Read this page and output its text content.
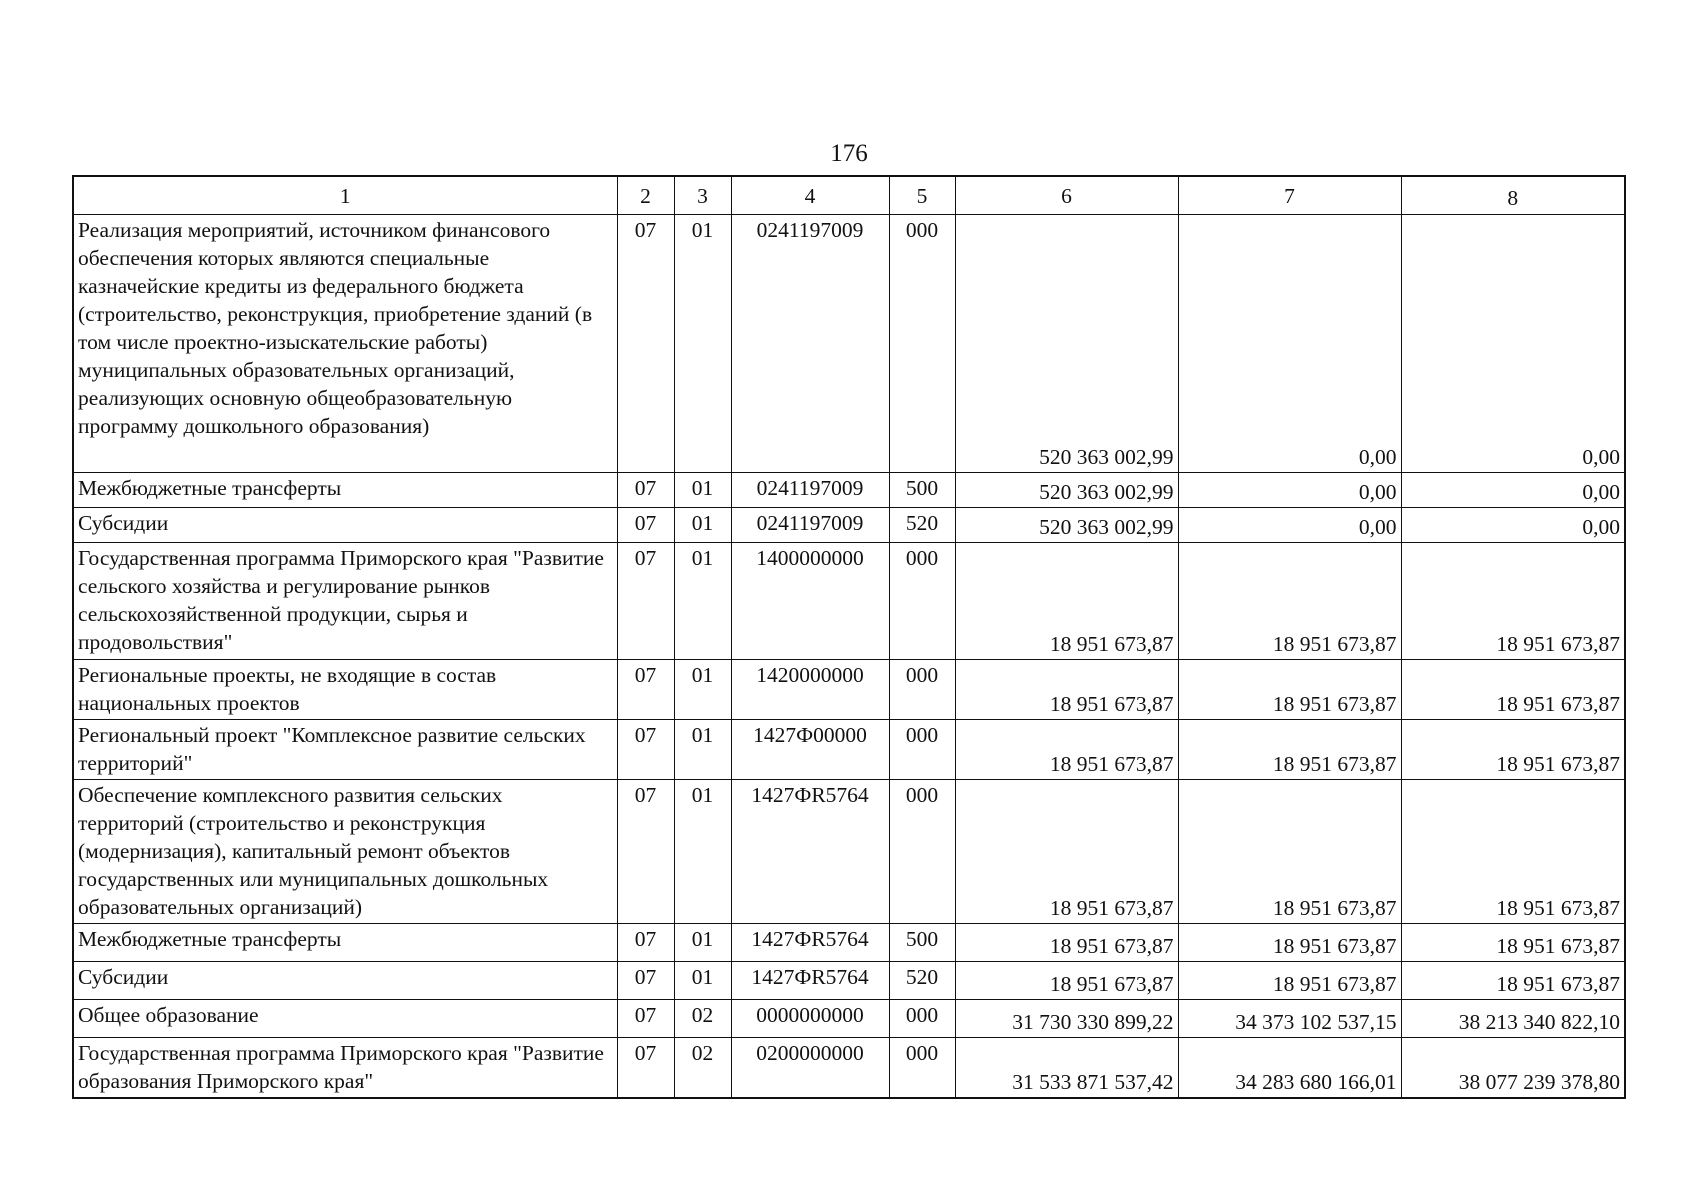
176
1	2	3	4	5	6	7	8
Реализация мероприятий, источником финансового обеспечения которых являются специальные казначейские кредиты из федерального бюджета (строительство, реконструкция, приобретение зданий (в том числе проектно-изыскательские работы) муниципальных образовательных организаций, реализующих основную общеобразовательную программу дошкольного образования)	07	01	0241197009	000	520 363 002,99	0,00	0,00
Межбюджетные трансферты	07	01	0241197009	500	520 363 002,99	0,00	0,00
Субсидии	07	01	0241197009	520	520 363 002,99	0,00	0,00
Государственная программа Приморского края "Развитие сельского хозяйства и регулирование рынков сельскохозяйственной продукции, сырья и продовольствия"	07	01	1400000000	000	18 951 673,87	18 951 673,87	18 951 673,87
Региональные проекты, не входящие в состав национальных проектов	07	01	1420000000	000	18 951 673,87	18 951 673,87	18 951 673,87
Региональный проект "Комплексное развитие сельских территорий"	07	01	1427Ф00000	000	18 951 673,87	18 951 673,87	18 951 673,87
Обеспечение комплексного развития сельских территорий (строительство и реконструкция (модернизация), капитальный ремонт объектов государственных или муниципальных дошкольных образовательных организаций)	07	01	1427ФR5764	000	18 951 673,87	18 951 673,87	18 951 673,87
Межбюджетные трансферты	07	01	1427ФR5764	500	18 951 673,87	18 951 673,87	18 951 673,87
Субсидии	07	01	1427ФR5764	520	18 951 673,87	18 951 673,87	18 951 673,87
Общее образование	07	02	0000000000	000	31 730 330 899,22	34 373 102 537,15	38 213 340 822,10
Государственная программа Приморского края "Развитие образования Приморского края"	07	02	0200000000	000	31 533 871 537,42	34 283 680 166,01	38 077 239 378,80
